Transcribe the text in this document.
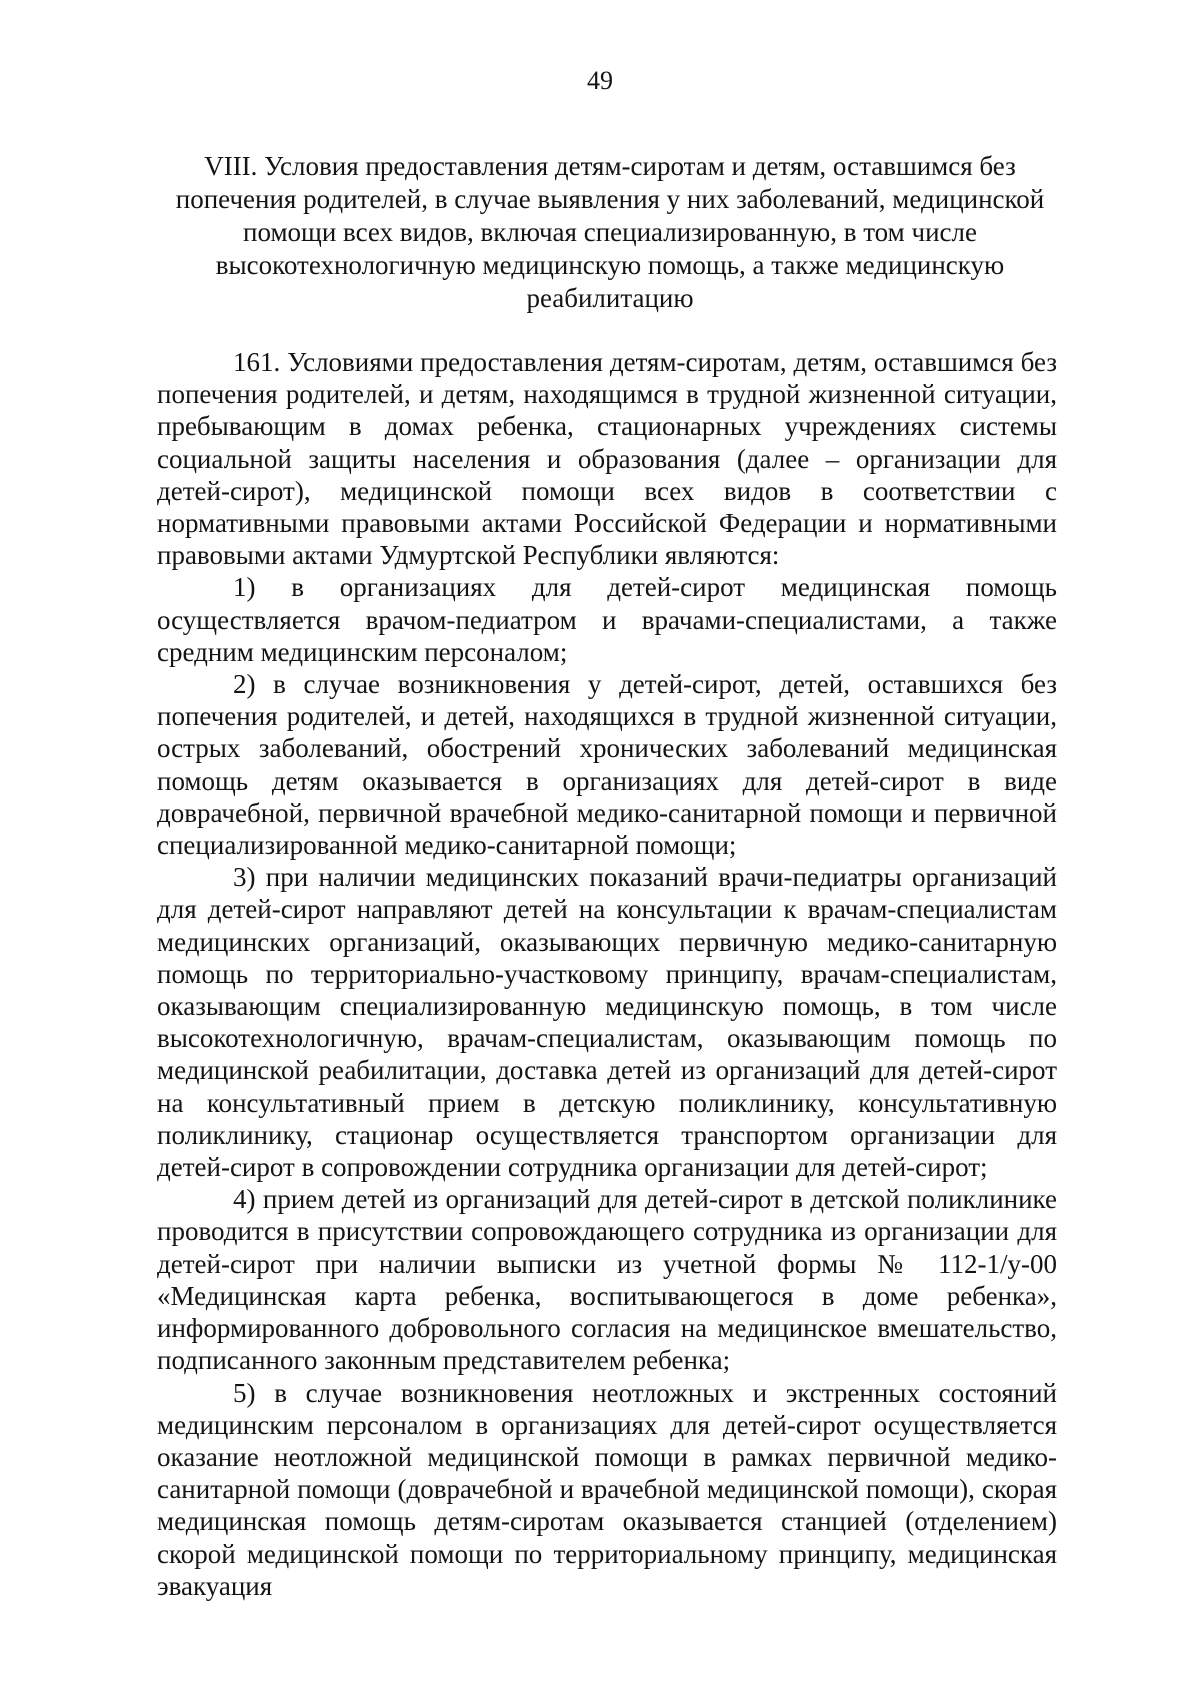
49
VIII. Условия предоставления детям-сиротам и детям, оставшимся без попечения родителей, в случае выявления у них заболеваний, медицинской помощи всех видов, включая специализированную, в том числе высокотехнологичную медицинскую помощь, а также медицинскую реабилитацию

161. Условиями предоставления детям-сиротам, детям, оставшимся без попечения родителей, и детям, находящимся в трудной жизненной ситуации, пребывающим в домах ребенка, стационарных учреждениях системы социальной защиты населения и образования (далее – организации для детей-сирот), медицинской помощи всех видов в соответствии с нормативными правовыми актами Российской Федерации и нормативными правовыми актами Удмуртской Республики являются:

1) в организациях для детей-сирот медицинская помощь осуществляется врачом-педиатром и врачами-специалистами, а также средним медицинским персоналом;

2) в случае возникновения у детей-сирот, детей, оставшихся без попечения родителей, и детей, находящихся в трудной жизненной ситуации, острых заболеваний, обострений хронических заболеваний медицинская помощь детям оказывается в организациях для детей-сирот в виде доврачебной, первичной врачебной медико-санитарной помощи и первичной специализированной медико-санитарной помощи;

3) при наличии медицинских показаний врачи-педиатры организаций для детей-сирот направляют детей на консультации к врачам-специалистам медицинских организаций, оказывающих первичную медико-санитарную помощь по территориально-участковому принципу, врачам-специалистам, оказывающим специализированную медицинскую помощь, в том числе высокотехнологичную, врачам-специалистам, оказывающим помощь по медицинской реабилитации, доставка детей из организаций для детей-сирот на консультативный прием в детскую поликлинику, консультативную поликлинику, стационар осуществляется транспортом организации для детей-сирот в сопровождении сотрудника организации для детей-сирот;

4) прием детей из организаций для детей-сирот в детской поликлинике проводится в присутствии сопровождающего сотрудника из организации для детей-сирот при наличии выписки из учетной формы № 112-1/у-00 «Медицинская карта ребенка, воспитывающегося в доме ребенка», информированного добровольного согласия на медицинское вмешательство, подписанного законным представителем ребенка;

5) в случае возникновения неотложных и экстренных состояний медицинским персоналом в организациях для детей-сирот осуществляется оказание неотложной медицинской помощи в рамках первичной медико-санитарной помощи (доврачебной и врачебной медицинской помощи), скорая медицинская помощь детям-сиротам оказывается станцией (отделением) скорой медицинской помощи по территориальному принципу, медицинская эвакуация
